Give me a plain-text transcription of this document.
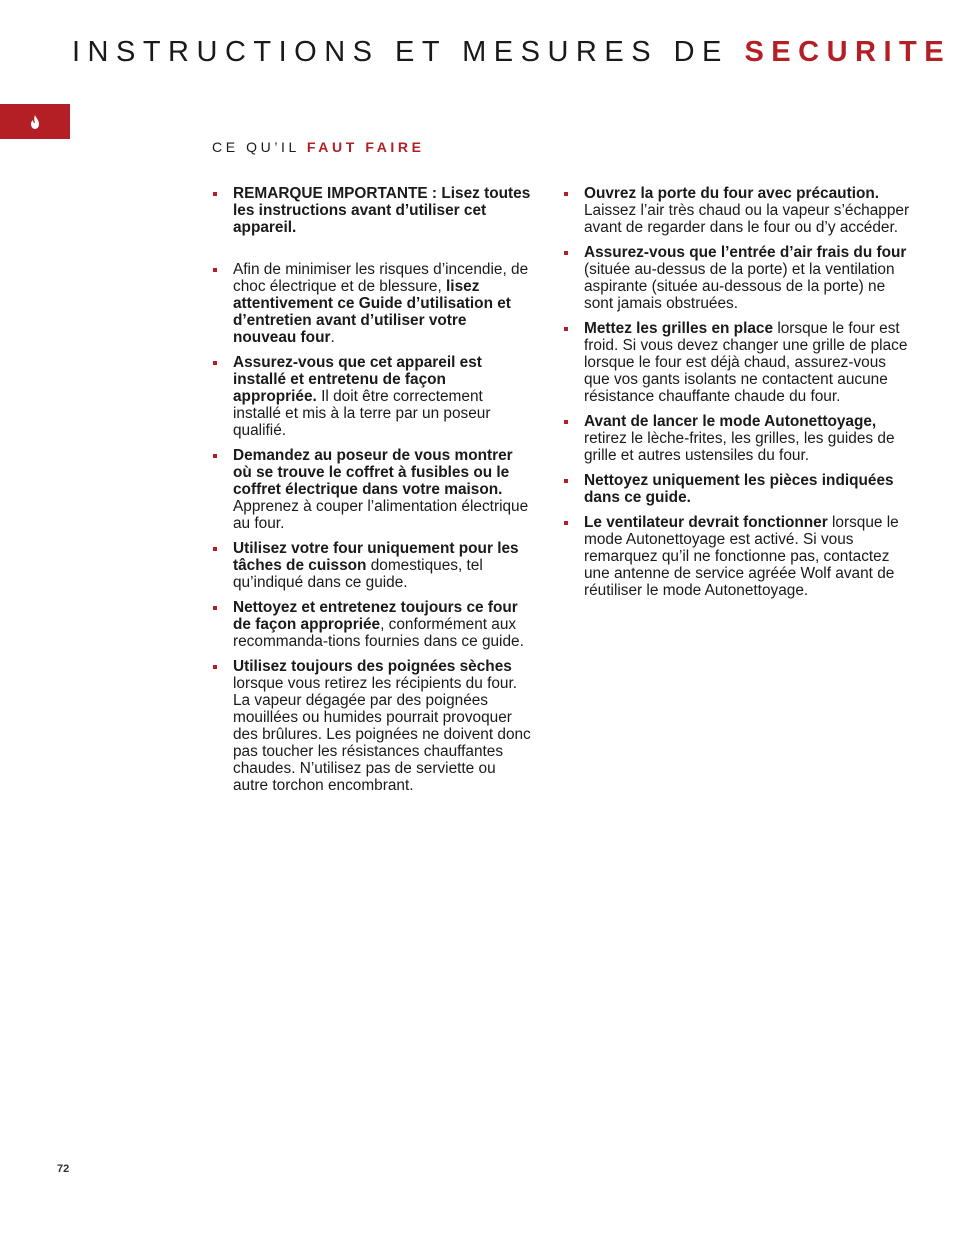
INSTRUCTIONS ET MESURES DE SECURITE
CE QU’IL FAUT FAIRE
REMARQUE IMPORTANTE : Lisez toutes les instructions avant d’utiliser cet appareil.
Afin de minimiser les risques d’incendie, de choc électrique et de blessure, lisez attentivement ce Guide d’utilisation et d’entretien avant d’utiliser votre nouveau four.
Assurez-vous que cet appareil est installé et entretenu de façon appropriée. Il doit être correctement installé et mis à la terre par un poseur qualifié.
Demandez au poseur de vous montrer où se trouve le coffret à fusibles ou le coffret électrique dans votre maison. Apprenez à couper l’alimentation électrique au four.
Utilisez votre four uniquement pour les tâches de cuisson domestiques, tel qu’indiqué dans ce guide.
Nettoyez et entretenez toujours ce four de façon appropriée, conformément aux recommanda-tions fournies dans ce guide.
Utilisez toujours des poignées sèches lorsque vous retirez les récipients du four. La vapeur dégagée par des poignées mouillées ou humides pourrait provoquer des brûlures. Les poignées ne doivent donc pas toucher les résistances chauffantes chaudes. N’utilisez pas de serviette ou autre torchon encombrant.
Ouvrez la porte du four avec précaution. Laissez l’air très chaud ou la vapeur s’échapper avant de regarder dans le four ou d’y accéder.
Assurez-vous que l’entrée d’air frais du four (située au-dessus de la porte) et la ventilation aspirante (située au-dessous de la porte) ne sont jamais obstruées.
Mettez les grilles en place lorsque le four est froid. Si vous devez changer une grille de place lorsque le four est déjà chaud, assurez-vous que vos gants isolants ne contactent aucune résistance chauffante chaude du four.
Avant de lancer le mode Autonettoyage, retirez le lèche-frites, les grilles, les guides de grille et autres ustensiles du four.
Nettoyez uniquement les pièces indiquées dans ce guide.
Le ventilateur devrait fonctionner lorsque le mode Autonettoyage est activé. Si vous remarquez qu’il ne fonctionne pas, contactez une antenne de service agréée Wolf avant de réutiliser le mode Autonettoyage.
72
